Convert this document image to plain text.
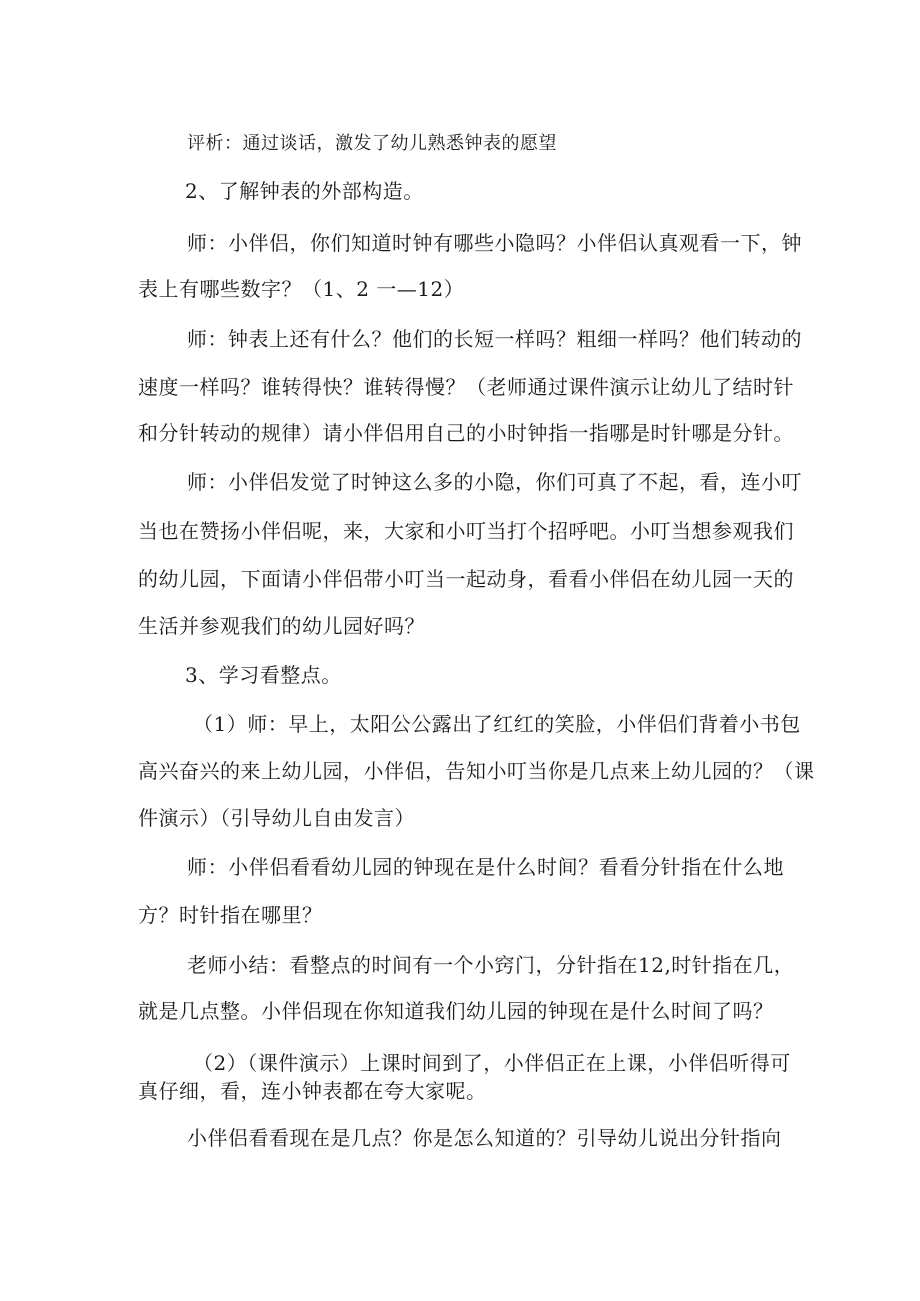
评析：通过谈话，激发了幼儿熟悉钟表的愿望
2、了解钟表的外部构造。
师：小伴侣，你们知道时钟有哪些小隐吗？小伴侣认真观看一下，钟
表上有哪些数字？（1、2 一—12）
师：钟表上还有什么？他们的长短一样吗？粗细一样吗？他们转动的
速度一样吗？谁转得快？谁转得慢？（老师通过课件演示让幼儿了结时针
和分针转动的规律）请小伴侣用自己的小时钟指一指哪是时针哪是分针。
师：小伴侣发觉了时钟这么多的小隐，你们可真了不起，看，连小叮
当也在赞扬小伴侣呢，来，大家和小叮当打个招呼吧。小叮当想参观我们
的幼儿园，下面请小伴侣带小叮当一起动身，看看小伴侣在幼儿园一天的
生活并参观我们的幼儿园好吗？
3、学习看整点。
（1）师：早上，太阳公公露出了红红的笑脸，小伴侣们背着小书包
高兴奋兴的来上幼儿园，小伴侣，告知小叮当你是几点来上幼儿园的？（课
件演示）（引导幼儿自由发言）
师：小伴侣看看幼儿园的钟现在是什么时间？看看分针指在什么地
方？时针指在哪里？
老师小结：看整点的时间有一个小窍门，分针指在12,时针指在几，
就是几点整。小伴侣现在你知道我们幼儿园的钟现在是什么时间了吗？
（2）（课件演示）上课时间到了，小伴侣正在上课，小伴侣听得可
真仔细，看，连小钟表都在夸大家呢。
小伴侣看看现在是几点？你是怎么知道的？引导幼儿说出分针指向
